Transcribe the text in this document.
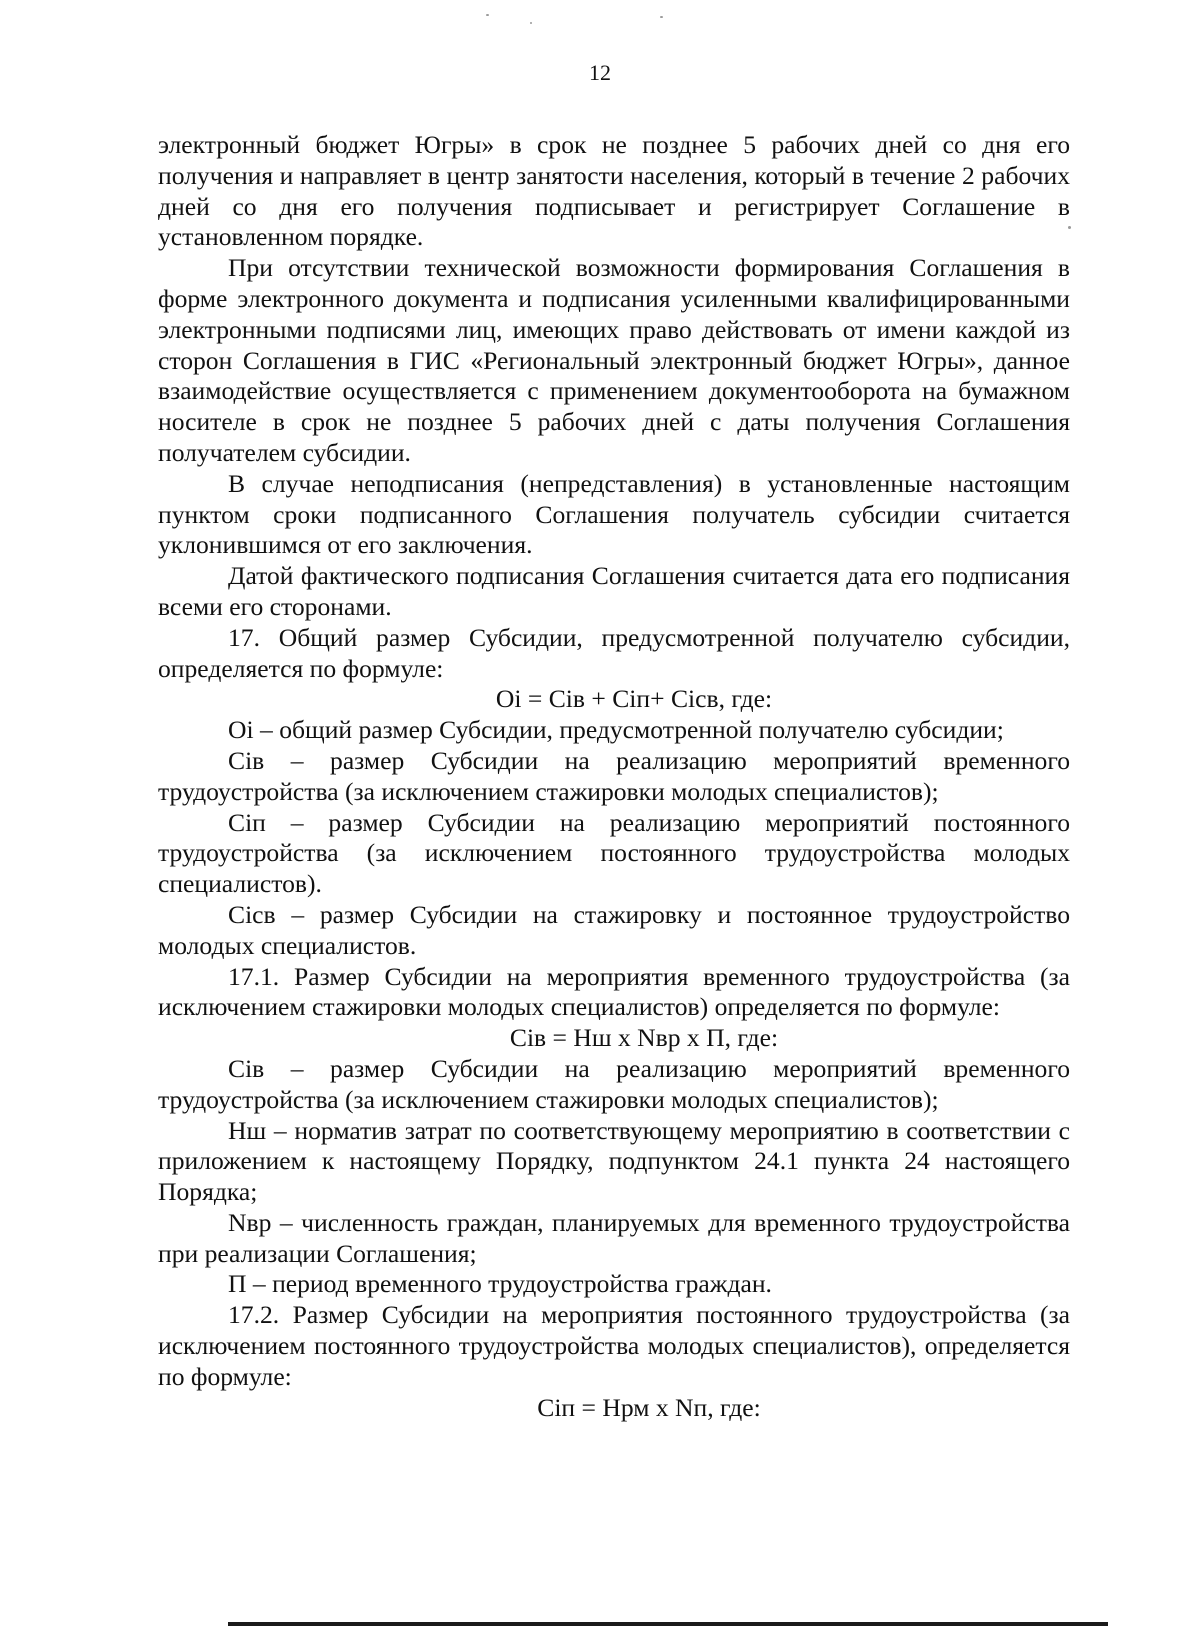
12

электронный бюджет Югры» в срок не позднее 5 рабочих дней со дня его получения и направляет в центр занятости населения, который в течение 2 рабочих дней со дня его получения подписывает и регистрирует Соглашение в установленном порядке.

При отсутствии технической возможности формирования Соглашения в форме электронного документа и подписания усиленными квалифицированными электронными подписями лиц, имеющих право действовать от имени каждой из сторон Соглашения в ГИС «Региональный электронный бюджет Югры», данное взаимодействие осуществляется с применением документооборота на бумажном носителе в срок не позднее 5 рабочих дней с даты получения Соглашения получателем субсидии.

В случае неподписания (непредставления) в установленные настоящим пунктом сроки подписанного Соглашения получатель субсидии считается уклонившимся от его заключения.

Датой фактического подписания Соглашения считается дата его подписания всеми его сторонами.

17. Общий размер Субсидии, предусмотренной получателю субсидии, определяется по формуле:

Oi = Ciв + Ciп+ Ciсв, где:

Oi – общий размер Субсидии, предусмотренной получателю субсидии;

Ciв – размер Субсидии на реализацию мероприятий временного трудоустройства (за исключением стажировки молодых специалистов);

Ciп – размер Субсидии на реализацию мероприятий постоянного трудоустройства (за исключением постоянного трудоустройства молодых специалистов).

Ciсв – размер Субсидии на стажировку и постоянное трудоустройство молодых специалистов.

17.1. Размер Субсидии на мероприятия временного трудоустройства (за исключением стажировки молодых специалистов) определяется по формуле:

Ciв = Нш x Nвр x П, где:

Ciв – размер Субсидии на реализацию мероприятий временного трудоустройства (за исключением стажировки молодых специалистов);

Нш – норматив затрат по соответствующему мероприятию в соответствии с приложением к настоящему Порядку, подпунктом 24.1 пункта 24 настоящего Порядка;

Nвр – численность граждан, планируемых для временного трудоустройства при реализации Соглашения;

П – период временного трудоустройства граждан.

17.2. Размер Субсидии на мероприятия постоянного трудоустройства (за исключением постоянного трудоустройства молодых специалистов), определяется по формуле:

Ciп = Нрм x Nп, где:
